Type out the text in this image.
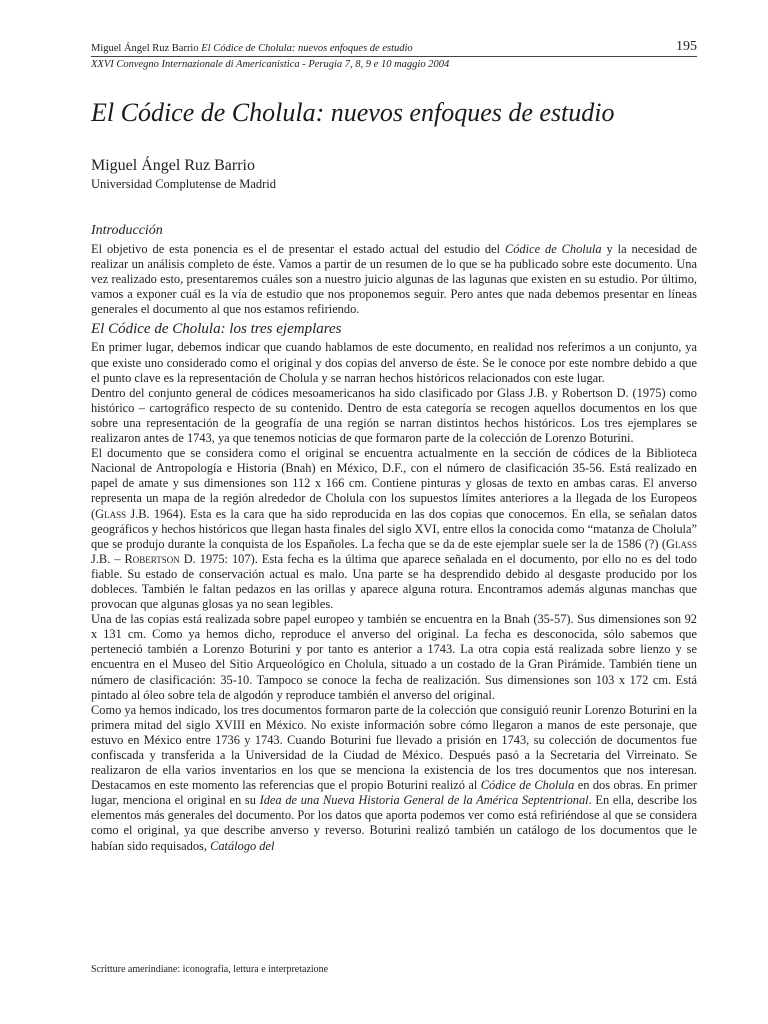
Miguel Ángel Ruz Barrio El Códice de Cholula: nuevos enfoques de estudio	195
XXVI Convegno Internazionale di Americanistica - Perugia 7, 8, 9 e 10 maggio 2004
El Códice de Cholula: nuevos enfoques de estudio
Miguel Ángel Ruz Barrio
Universidad Complutense de Madrid
Introducción

El objetivo de esta ponencia es el de presentar el estado actual del estudio del Códice de Cholula y la necesidad de realizar un análisis completo de éste. Vamos a partir de un resumen de lo que se ha publicado sobre este documento. Una vez realizado esto, presentaremos cuáles son a nuestro juicio algunas de las lagunas que existen en su estudio. Por último, vamos a exponer cuál es la vía de estudio que nos proponemos seguir. Pero antes que nada debemos presentar en líneas generales el documento al que nos estamos refiriendo.

El Códice de Cholula: los tres ejemplares

En primer lugar, debemos indicar que cuando hablamos de este documento, en realidad nos referimos a un conjunto, ya que existe uno considerado como el original y dos copias del anverso de éste. Se le conoce por este nombre debido a que el punto clave es la representación de Cholula y se narran hechos históricos relacionados con este lugar.

Dentro del conjunto general de códices mesoamericanos ha sido clasificado por Glass J.B. y Robertson D. (1975) como histórico – cartográfico respecto de su contenido. Dentro de esta categoría se recogen aquellos documentos en los que sobre una representación de la geografía de una región se narran distintos hechos históricos. Los tres ejemplares se realizaron antes de 1743, ya que tenemos noticias de que formaron parte de la colección de Lorenzo Boturini.

El documento que se considera como el original se encuentra actualmente en la sección de códices de la Biblioteca Nacional de Antropología e Historia (Bnah) en México, D.F., con el número de clasificación 35-56. Está realizado en papel de amate y sus dimensiones son 112 x 166 cm. Contiene pinturas y glosas de texto en ambas caras. El anverso representa un mapa de la región alrededor de Cholula con los supuestos límites anteriores a la llegada de los Europeos (Glass J.B. 1964). Esta es la cara que ha sido reproducida en las dos copias que conocemos. En ella, se señalan datos geográficos y hechos históricos que llegan hasta finales del siglo XVI, entre ellos la conocida como “matanza de Cholula” que se produjo durante la conquista de los Españoles. La fecha que se da de este ejemplar suele ser la de 1586 (?) (Glass J.B. – Robertson D. 1975: 107). Esta fecha es la última que aparece señalada en el documento, por ello no es del todo fiable. Su estado de conservación actual es malo. Una parte se ha desprendido debido al desgaste producido por los dobleces. También le faltan pedazos en las orillas y aparece alguna rotura. Encontramos además algunas manchas que provocan que algunas glosas ya no sean legibles.

Una de las copias está realizada sobre papel europeo y también se encuentra en la Bnah (35-57). Sus dimensiones son 92 x 131 cm. Como ya hemos dicho, reproduce el anverso del original. La fecha es desconocida, sólo sabemos que perteneció también a Lorenzo Boturini y por tanto es anterior a 1743. La otra copia está realizada sobre lienzo y se encuentra en el Museo del Sitio Arqueológico en Cholula, situado a un costado de la Gran Pirámide. También tiene un número de clasificación: 35-10. Tampoco se conoce la fecha de realización. Sus dimensiones son 103 x 172 cm. Está pintado al óleo sobre tela de algodón y reproduce también el anverso del original.

Como ya hemos indicado, los tres documentos formaron parte de la colección que consiguió reunir Lorenzo Boturini en la primera mitad del siglo XVIII en México. No existe información sobre cómo llegaron a manos de este personaje, que estuvo en México entre 1736 y 1743. Cuando Boturini fue llevado a prisión en 1743, su colección de documentos fue confiscada y transferida a la Universidad de la Ciudad de México. Después pasó a la Secretaria del Virreinato. Se realizaron de ella varios inventarios en los que se menciona la existencia de los tres documentos que nos interesan. Destacamos en este momento las referencias que el propio Boturini realizó al Códice de Cholula en dos obras. En primer lugar, menciona el original en su Idea de una Nueva Historia General de la América Septentrional. En ella, describe los elementos más generales del documento. Por los datos que aporta podemos ver como está refiriéndose al que se considera como el original, ya que describe anverso y reverso. Boturini realizó también un catálogo de los documentos que le habían sido requisados, Catálogo del

Scritture amerindiane: iconografia, lettura e interpretazione
